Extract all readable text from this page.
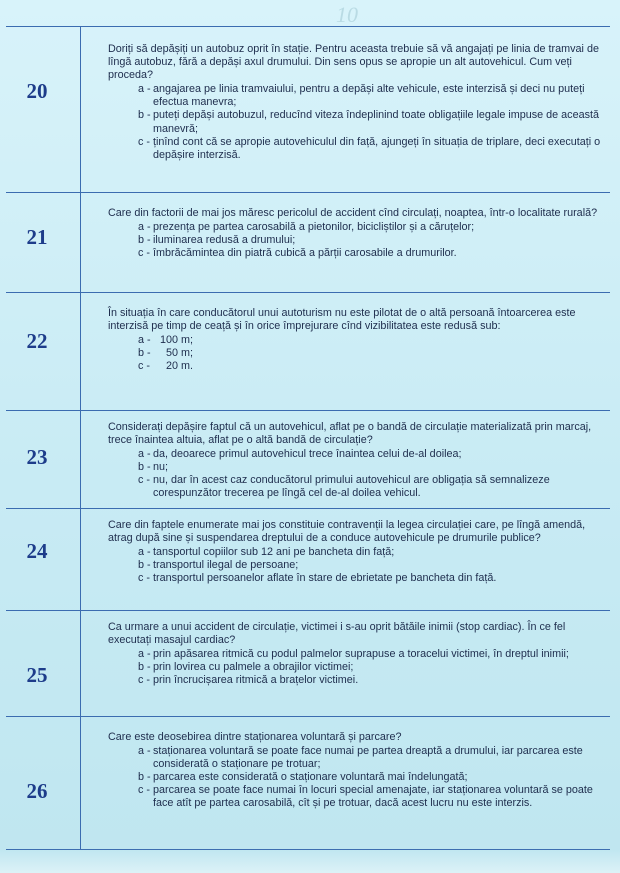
10
20

Doriți să depășiți un autobuz oprit în stație. Pentru aceasta trebuie să vă angajați pe linia de tramvai de lîngă autobuz, fără a depăși axul drumului. Din sens opus se apropie un alt autovehicul. Cum veți proceda?

a - angajarea pe linia tramvaiului, pentru a depăși alte vehicule, este interzisă și deci nu puteți efectua manevra;
b - puteți depăși autobuzul, reducînd viteza îndeplinind toate obligațiile legale impuse de această manevră;
c - ținînd cont că se apropie autovehiculul din față, ajungeți în situația de triplare, deci executați o depășire interzisă.
21

Care din factorii de mai jos măresc pericolul de accident cînd circulați, noaptea, într-o localitate rurală?

a - prezența pe partea carosabilă a pietonilor, bicicliștilor și a căruțelor;
b - iluminarea redusă a drumului;
c - îmbrăcămintea din piatră cubică a părții carosabile a drumurilor.
22

În situația în care conducătorul unui autoturism nu este pilotat de o altă persoană întoarcerea este interzisă pe timp de ceață și în orice împrejurare cînd vizibilitatea este redusă sub:

a - 100 m;
b -	50 m;
c -	20 m.
23

Considerați depășire faptul că un autovehicul, aflat pe o bandă de circulație materializată prin marcaj, trece înaintea altuia, aflat pe o altă bandă de circulație?

a - da, deoarece primul autovehicul trece înaintea celui de-al doilea;
b - nu;
c - nu, dar în acest caz conducătorul primului autovehicul are obligația să semnalizeze corespunzător trecerea pe lîngă cel de-al doilea vehicul.
24

Care din faptele enumerate mai jos constituie contravenții la legea circulației care, pe lîngă amendă, atrag după sine și suspendarea dreptului de a conduce autovehicule pe drumurile publice?

a - tansportul copiilor sub 12 ani pe bancheta din față;
b - transportul ilegal de persoane;
c - transportul persoanelor aflate în stare de ebrietate pe bancheta din față.
25

Ca urmare a unui accident de circulație, victimei i s-au oprit bătăile inimii (stop cardiac). În ce fel executați masajul cardiac?

a - prin apăsarea ritmică cu podul palmelor suprapuse a toracelui victimei, în dreptul inimii;
b - prin lovirea cu palmele a obrajilor victimei;
c - prin încrucișarea ritmică a brațelor victimei.
26

Care este deosebirea dintre staționarea voluntară și parcare?

a - staționarea voluntară se poate face numai pe partea dreaptă a drumului, iar parcarea este considerată o staționare pe trotuar;
b - parcarea este considerată o staționare voluntară mai îndelungată;
c - parcarea se poate face numai în locuri special amenajate, iar staționarea voluntară se poate face atît pe partea carosabilă, cît și pe trotuar, dacă acest lucru nu este interzis.
